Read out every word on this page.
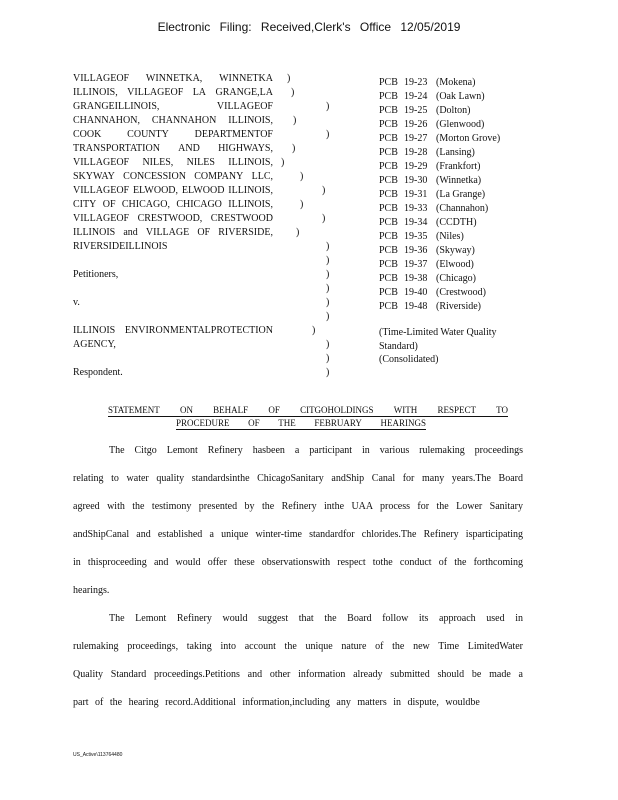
Electronic Filing: Received,Clerk's Office 12/05/2019
VILLAGEOF WINNETKA, WINNETKA
ILLINOIS, VILLAGEOF LA GRANGE,LA
GRANGEILLINOIS,	VILLAGEOF
CHANNAHON, CHANNAHON ILLINOIS,
COOK	COUNTY	DEPARTMENTOF
TRANSPORTATION AND HIGHWAYS,
VILLAGEOF NILES, NILES ILLINOIS,
SKYWAY CONCESSION COMPANY LLC,
VILLAGEOF ELWOOD, ELWOOD ILLINOIS,
CITY OF CHICAGO, CHICAGO ILLINOIS,
VILLAGEOF CRESTWOOD, CRESTWOOD
ILLINOIS and VILLAGE OF RIVERSIDE,
RIVERSIDEILLINOIS
Petitioners,
v.
ILLINOIS ENVIRONMENTALPROTECTION
AGENCY,
Respondent.
)
)
)
)
)
)
)
)
)
)
)
)
)
)
)
)
)
)
)
)
)
)
PCB 19-23 (Mokena)
PCB 19-24 (Oak Lawn)
PCB 19-25 (Dolton)
PCB 19-26 (Glenwood)
PCB 19-27 (Morton Grove)
PCB 19-28 (Lansing)
PCB 19-29 (Frankfort)
PCB 19-30 (Winnetka)
PCB 19-31 (La Grange)
PCB 19-33 (Channahon)
PCB 19-34 (CCDTH)
PCB 19-35 (Niles)
PCB 19-36 (Skyway)
PCB 19-37 (Elwood)
PCB 19-38 (Chicago)
PCB 19-40 (Crestwood)
PCB 19-48 (Riverside)
(Time-Limited Water Quality Standard)
(Consolidated)
STATEMENT ON BEHALF OF CITGOHOLDINGS WITH RESPECT TO
PROCEDURE OF THE FEBRUARY HEARINGS
The Citgo Lemont Refinery hasbeen a participant in various rulemaking proceedings relating to water quality standardsinthe ChicagoSanitary andShip Canal for many years.The Board agreed with the testimony presented by the Refinery inthe UAA process for the Lower Sanitary andShipCanal and established a unique winter-time standardfor chlorides.The Refinery isparticipating in thisproceeding and would offer these observationswith respect tothe conduct of the forthcoming hearings.
The Lemont Refinery would suggest that the Board follow its approach used in rulemaking proceedings, taking into account the unique nature of the new Time LimitedWater Quality Standard proceedings.Petitions and other information already submitted should be made a part of the hearing record.Additional information,including any matters in dispute, wouldbe
US_Active\113764480
